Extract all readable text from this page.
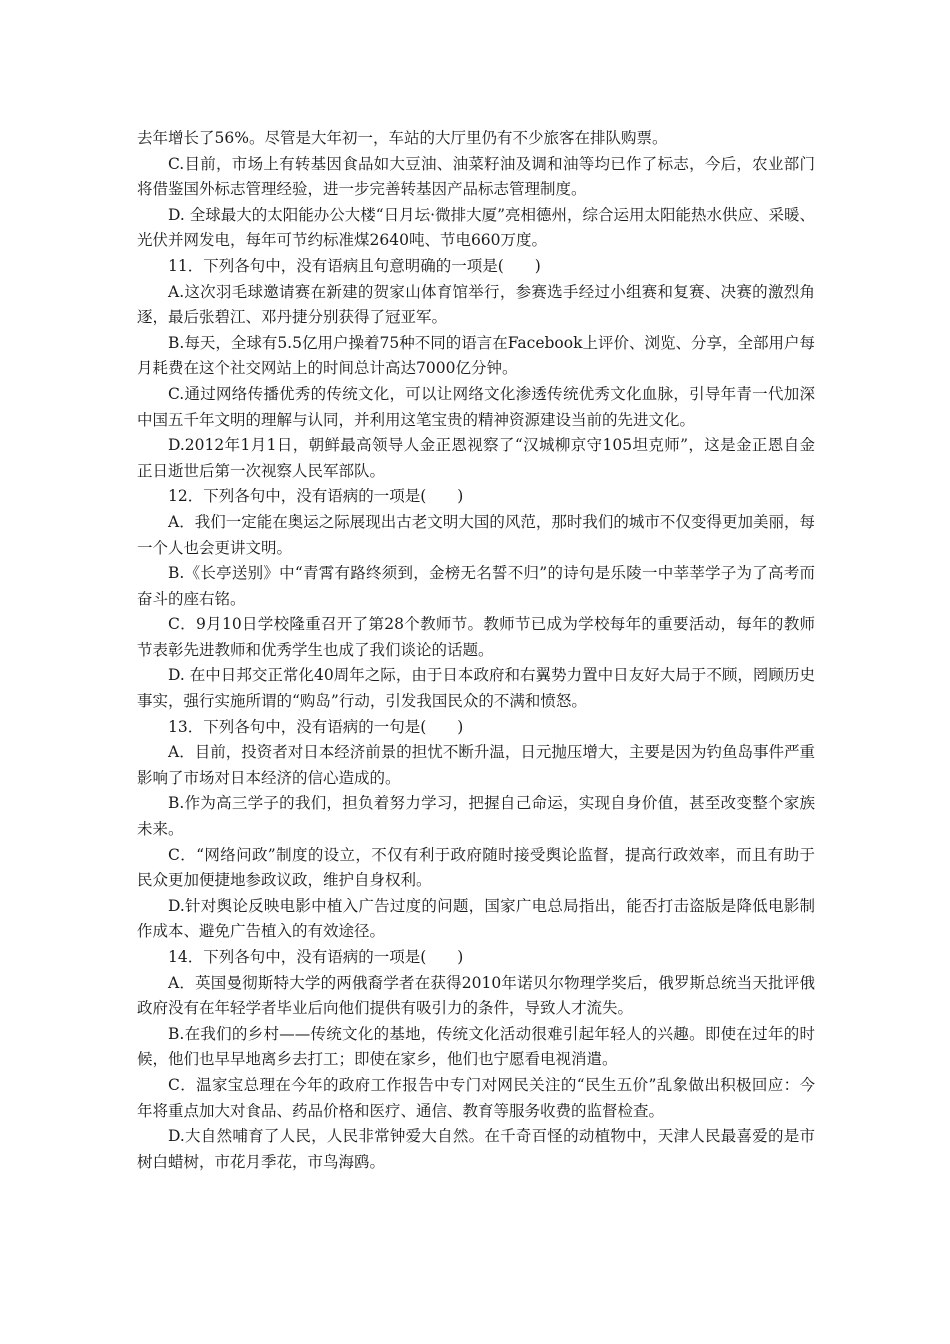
去年增长了56%。尽管是大年初一，车站的大厅里仍有不少旅客在排队购票。

C.目前，市场上有转基因食品如大豆油、油菜籽油及调和油等均已作了标志，今后，农业部门将借鉴国外标志管理经验，进一步完善转基因产品标志管理制度。

D. 全球最大的太阳能办公大楼“日月坛·微排大厦”亮相德州，综合运用太阳能热水供应、采暖、光伏并网发电，每年可节约标准煤2640吨、节电660万度。

11．下列各句中，没有语病且句意明确的一项是(　　)

A.这次羽毛球邀请赛在新建的贺家山体育馆举行，参赛选手经过小组赛和复赛、决赛的激烈角逐，最后张碧江、邓丹捷分别获得了冠亚军。

B.每天，全球有5.5亿用户操着75种不同的语言在Facebook上评价、浏览、分享，全部用户每月耗费在这个社交网站上的时间总计高达7000亿分钟。

C.通过网络传播优秀的传统文化，可以让网络文化渗透传统优秀文化血脉，引导年青一代加深中国五千年文明的理解与认同，并利用这笔宝贵的精神资源建设当前的先进文化。

D.2012年1月1日，朝鲜最高领导人金正恩视察了“汉城柳京守105坦克师”，这是金正恩自金正日逝世后第一次视察人民军部队。

12．下列各句中，没有语病的一项是(　　)

A．我们一定能在奥运之际展现出古老文明大国的风范，那时我们的城市不仅变得更加美丽，每一个人也会更讲文明。

B.《长亭送别》中“青霄有路终须到，金榜无名誓不归”的诗句是乐陵一中莘莘学子为了高考而奋斗的座右铭。

C．9月10日学校隆重召开了第28个教师节。教师节已成为学校每年的重要活动，每年的教师节表彰先进教师和优秀学生也成了我们谈论的话题。

D. 在中日邦交正常化40周年之际，由于日本政府和右翼势力置中日友好大局于不顾，罔顾历史事实，强行实施所谓的“购岛”行动，引发我国民众的不满和愤怒。

13．下列各句中，没有语病的一句是(　　)

A．目前，投资者对日本经济前景的担忧不断升温，日元抛压增大，主要是因为钓鱼岛事件严重影响了市场对日本经济的信心造成的。

B.作为高三学子的我们，担负着努力学习，把握自己命运，实现自身价值，甚至改变整个家族未来。

C．“网络问政”制度的设立，不仅有利于政府随时接受舆论监督，提高行政效率，而且有助于民众更加便捷地参政议政，维护自身权利。

D.针对舆论反映电影中植入广告过度的问题，国家广电总局指出，能否打击盗版是降低电影制作成本、避免广告植入的有效途径。

14．下列各句中，没有语病的一项是(　　)

A．英国曼彻斯特大学的两俄裔学者在获得2010年诺贝尔物理学奖后，俄罗斯总统当天批评俄政府没有在年轻学者毕业后向他们提供有吸引力的条件，导致人才流失。

B.在我们的乡村——传统文化的基地，传统文化活动很难引起年轻人的兴趣。即使在过年的时候，他们也早早地离乡去打工；即使在家乡，他们也宁愿看电视消遣。

C．温家宝总理在今年的政府工作报告中专门对网民关注的“民生五价”乱象做出积极回应：今年将重点加大对食品、药品价格和医疗、通信、教育等服务收费的监督检查。

D.大自然哺育了人民，人民非常钟爱大自然。在千奇百怪的动植物中，天津人民最喜爱的是市树白蜡树，市花月季花，市鸟海鸥。
